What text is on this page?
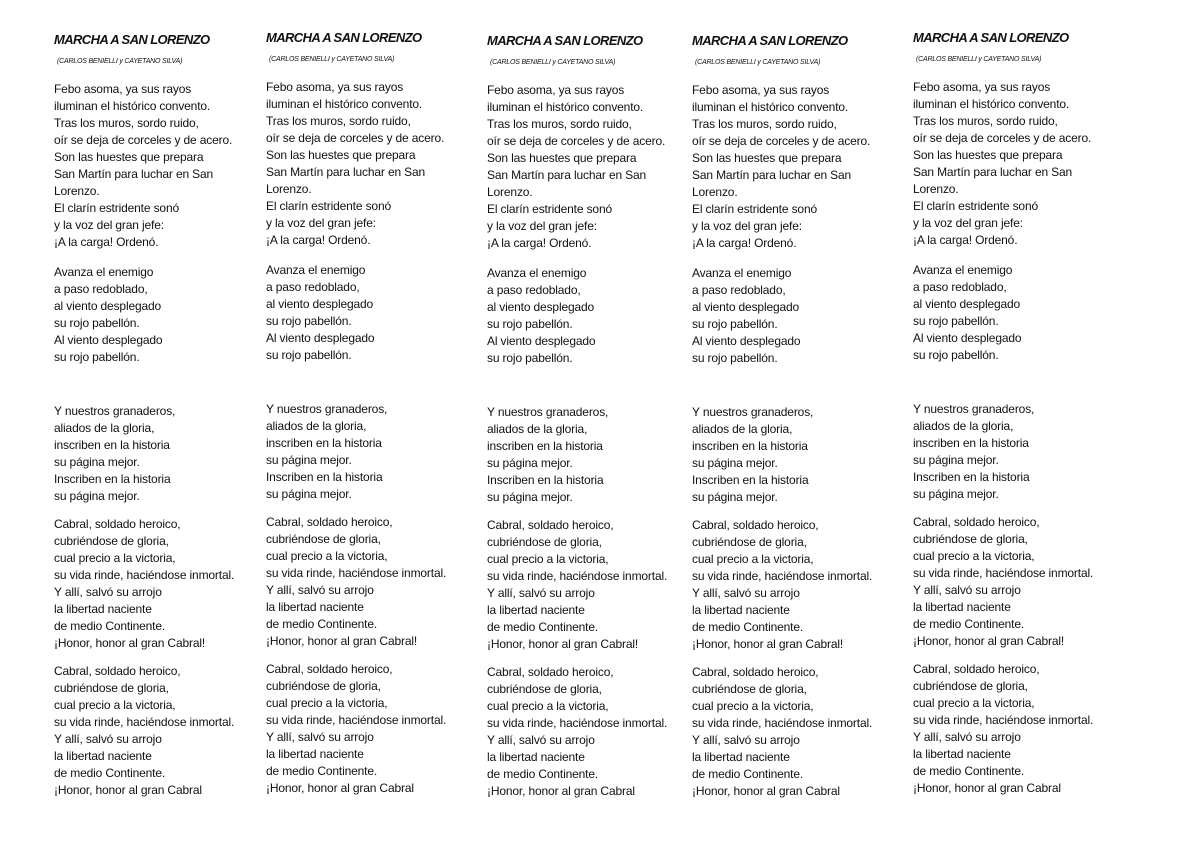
MARCHA A SAN LORENZO
(CARLOS BENIELLI y CAYETANO SILVA)
Febo asoma, ya sus rayos
iluminan el histórico convento.
Tras los muros, sordo ruido,
oír se deja de corceles y de acero.
Son las huestes que prepara
San Martín para luchar en San
Lorenzo.
El clarín estridente sonó
y la voz del gran jefe:
¡A la carga! Ordenó.
Avanza el enemigo
a paso redoblado,
al viento desplegado
su rojo pabellón.
Al viento desplegado
su rojo pabellón.
Y nuestros granaderos,
aliados de la gloria,
inscriben en la historia
su página mejor.
Inscriben en la historia
su página mejor.
Cabral, soldado heroico,
cubriéndose de gloria,
cual precio a la victoria,
su vida rinde, haciéndose inmortal.
Y allí, salvó su arrojo
la libertad naciente
de medio Continente.
¡Honor, honor al gran Cabral!
Cabral, soldado heroico,
cubriéndose de gloria,
cual precio a la victoria,
su vida rinde, haciéndose inmortal.
Y allí, salvó su arrojo
la libertad naciente
de medio Continente.
¡Honor, honor al gran Cabral
MARCHA A SAN LORENZO
(CARLOS BENIELLI y CAYETANO SILVA)
Febo asoma, ya sus rayos
iluminan el histórico convento.
Tras los muros, sordo ruido,
oír se deja de corceles y de acero.
Son las huestes que prepara
San Martín para luchar en San
Lorenzo.
El clarín estridente sonó
y la voz del gran jefe:
¡A la carga! Ordenó.
Avanza el enemigo
a paso redoblado,
al viento desplegado
su rojo pabellón.
Al viento desplegado
su rojo pabellón.
Y nuestros granaderos,
aliados de la gloria,
inscriben en la historia
su página mejor.
Inscriben en la historia
su página mejor.
Cabral, soldado heroico,
cubriéndose de gloria,
cual precio a la victoria,
su vida rinde, haciéndose inmortal.
Y allí, salvó su arrojo
la libertad naciente
de medio Continente.
¡Honor, honor al gran Cabral!
Cabral, soldado heroico,
cubriéndose de gloria,
cual precio a la victoria,
su vida rinde, haciéndose inmortal.
Y allí, salvó su arrojo
la libertad naciente
de medio Continente.
¡Honor, honor al gran Cabral
MARCHA A SAN LORENZO
(CARLOS BENIELLI y CAYETANO SILVA)
Febo asoma, ya sus rayos
iluminan el histórico convento.
Tras los muros, sordo ruido,
oír se deja de corceles y de acero.
Son las huestes que prepara
San Martín para luchar en San
Lorenzo.
El clarín estridente sonó
y la voz del gran jefe:
¡A la carga! Ordenó.
Avanza el enemigo
a paso redoblado,
al viento desplegado
su rojo pabellón.
Al viento desplegado
su rojo pabellón.
Y nuestros granaderos,
aliados de la gloria,
inscriben en la historia
su página mejor.
Inscriben en la historia
su página mejor.
Cabral, soldado heroico,
cubriéndose de gloria,
cual precio a la victoria,
su vida rinde, haciéndose inmortal.
Y allí, salvó su arrojo
la libertad naciente
de medio Continente.
¡Honor, honor al gran Cabral!
Cabral, soldado heroico,
cubriéndose de gloria,
cual precio a la victoria,
su vida rinde, haciéndose inmortal.
Y allí, salvó su arrojo
la libertad naciente
de medio Continente.
¡Honor, honor al gran Cabral
MARCHA A SAN LORENZO
(CARLOS BENIELLI y CAYETANO SILVA)
Febo asoma, ya sus rayos
iluminan el histórico convento.
Tras los muros, sordo ruido,
oír se deja de corceles y de acero.
Son las huestes que prepara
San Martín para luchar en San
Lorenzo.
El clarín estridente sonó
y la voz del gran jefe:
¡A la carga! Ordenó.
Avanza el enemigo
a paso redoblado,
al viento desplegado
su rojo pabellón.
Al viento desplegado
su rojo pabellón.
Y nuestros granaderos,
aliados de la gloria,
inscriben en la historia
su página mejor.
Inscriben en la historia
su página mejor.
Cabral, soldado heroico,
cubriéndose de gloria,
cual precio a la victoria,
su vida rinde, haciéndose inmortal.
Y allí, salvó su arrojo
la libertad naciente
de medio Continente.
¡Honor, honor al gran Cabral!
Cabral, soldado heroico,
cubriéndose de gloria,
cual precio a la victoria,
su vida rinde, haciéndose inmortal.
Y allí, salvó su arrojo
la libertad naciente
de medio Continente.
¡Honor, honor al gran Cabral
MARCHA A SAN LORENZO
(CARLOS BENIELLI y CAYETANO SILVA)
Febo asoma, ya sus rayos
iluminan el histórico convento.
Tras los muros, sordo ruido,
oír se deja de corceles y de acero.
Son las huestes que prepara
San Martín para luchar en San
Lorenzo.
El clarín estridente sonó
y la voz del gran jefe:
¡A la carga! Ordenó.
Avanza el enemigo
a paso redoblado,
al viento desplegado
su rojo pabellón.
Al viento desplegado
su rojo pabellón.
Y nuestros granaderos,
aliados de la gloria,
inscriben en la historia
su página mejor.
Inscriben en la historia
su página mejor.
Cabral, soldado heroico,
cubriéndose de gloria,
cual precio a la victoria,
su vida rinde, haciéndose inmortal.
Y allí, salvó su arrojo
la libertad naciente
de medio Continente.
¡Honor, honor al gran Cabral!
Cabral, soldado heroico,
cubriéndose de gloria,
cual precio a la victoria,
su vida rinde, haciéndose inmortal.
Y allí, salvó su arrojo
la libertad naciente
de medio Continente.
¡Honor, honor al gran Cabral
